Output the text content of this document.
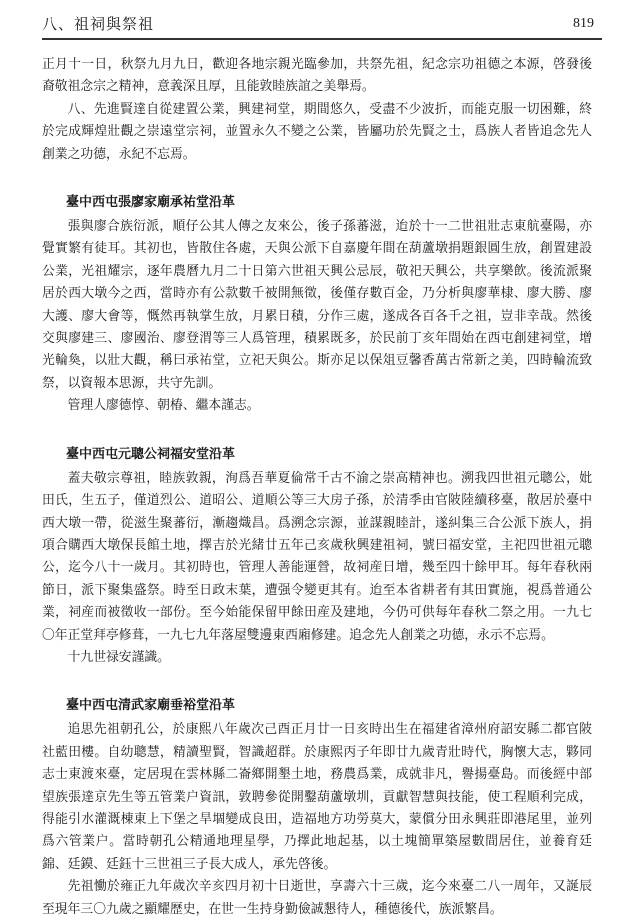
八、祖祠與祭祖	819

正月十一日，秋祭九月九日，歡迎各地宗親光臨參加，共祭先祖，紀念宗功祖德之本源，啓發後裔敬祖念宗之精神，意義深且厚，且能敦睦族誼之美舉焉。

八、先進賢達自從建置公業，興建祠堂，期間悠久，受盡不少波折，而能克服一切困難，終於完成輝煌壯觀之崇遠堂宗祠，並置永久不變之公業，皆屬功於先賢之士，爲族人者皆追念先人創業之功德，永紀不忘焉。

臺中西屯張廖家廟承祐堂沿革

張與廖合族衍派，順仔公其人傳之友來公，後子孫蕃滋，迨於十一二世祖壯志東航臺陽，亦覺實繁有徒耳。其初也，皆散住各處，天與公派下自嘉慶年間在葫蘆墩捐題銀圓生放，創置建設公業，光祖耀宗，逐年農曆九月二十日第六世祖天興公忌辰，敬祀天興公，共享樂飲。後流派聚居於西大墩今之西，當時亦有公款數千被開無徵，後僅存數百金，乃分析與廖華棣、廖大勝、廖大護、廖大會等，慨然再執掌生放，月累日積，分作三處，遂成各百各千之祖，豈非幸哉。然後交與廖建三、廖國治、廖登渭等三人爲管理，積累既多，於民前丁亥年間始在西屯創建祠堂，增光輪奐，以壯大觀，稱曰承祐堂，立祀天與公。斯亦足以保俎豆馨香萬古常新之美，四時輪流致祭，以資報本思源，共守先訓。

管理人廖德惇、朝椿、繼本謹志。

臺中西屯元聰公祠福安堂沿革

蓋夫敬宗尊祖，睦族敦親，洵爲吾華夏倫常千古不渝之崇高精神也。溯我四世祖元聰公，妣田氏，生五子，僅道烈公、道昭公、道順公等三大房子孫，於清季由官陂陸續移臺，散居於臺中西大墩一帶，從滋生聚蕃衍，漸趨熾昌。爲溯念宗源，並謀親睦計，遂糾集三合公派下族人，捐項合購西大墩保長館土地，擇吉於光緒廿五年己亥歲秋興建祖祠，號曰福安堂，主祀四世祖元聰公，迄今八十一歲月。其初時也，管理人善能運營，故祠産日增，幾至四十餘甲耳。每年春秋兩節日，派下聚集盛祭。時至日政末葉，遭强令變更其有。迨至本省耕者有其田實施，視爲普通公業，祠産而被徵收一部份。至今始能保留甲餘田産及建地，今仍可供每年春秋二祭之用。一九七〇年正堂拜亭修葺，一九七九年落屋雙邊東西廂修建。追念先人創業之功德，永示不忘焉。

十九世禄安謹識。

臺中西屯清武家廟垂裕堂沿革

追思先祖朝孔公，於康熙八年歲次己酉正月廿一日亥時出生在福建省漳州府詔安縣二都官陂社藍田樓。自幼聰慧，精讀聖賢，智識超群。於康熙丙子年即廿九歲青壯時代，胸懷大志，夥同志士東渡來臺，定居現在雲林縣二崙鄉開墾土地，務農爲業，成就非凡，譽揚臺島。而後經中部望族張達京先生等五管業户資訊，敦聘參從開鑿葫蘆墩圳，貢獻智慧與技能，使工程順利完成，得能引水灌溉棟東上下堡之旱堌變成良田，造福地方功勞莫大，蒙償分田永興莊即港尾里，並列爲六管業户。當時朝孔公精通地理星學，乃擇此地起基，以土塊簡單築屋數間居住，並養育廷錦、廷鏌、廷鈺十三世祖三子長大成人，承先啓後。

先祖慟於雍正九年歲次辛亥四月初十日逝世，享壽六十三歲，迄今來臺二八一周年，又誕辰至現年三〇九歲之顯耀歷史，在世一生持身勤儉誠懇待人，種德後代，族派繁昌。
